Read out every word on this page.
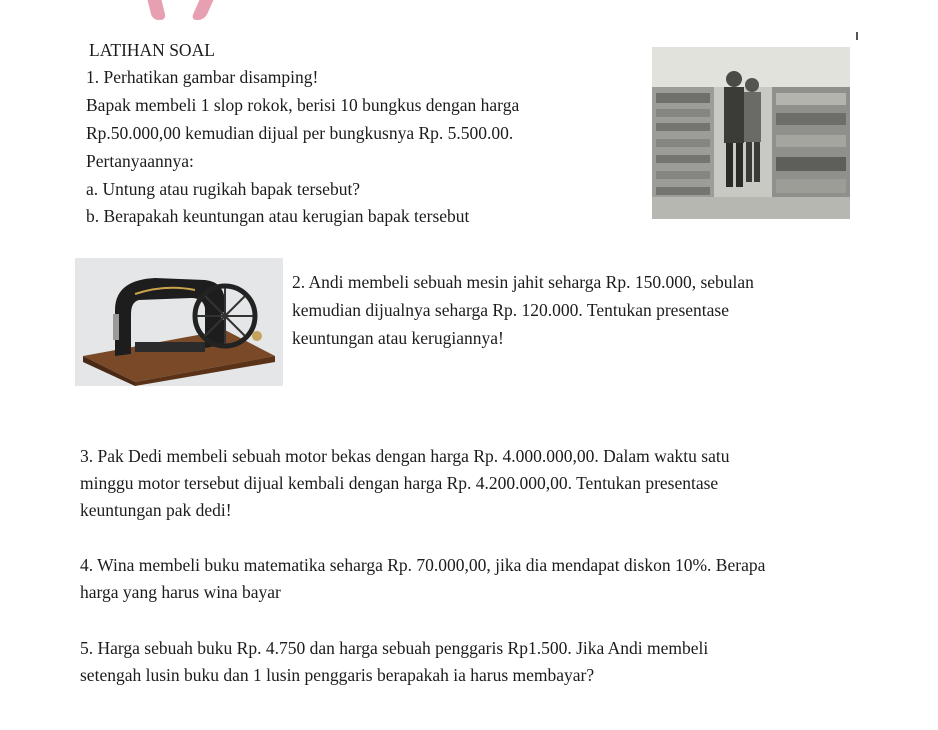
LATIHAN SOAL
1. Perhatikan gambar disamping!
Bapak membeli 1 slop rokok, berisi 10 bungkus dengan harga
Rp.50.000,00 kemudian dijual per bungkusnya Rp. 5.500.00.
Pertanyaannya:
a. Untung atau rugikah bapak tersebut?
b. Berapakah keuntungan atau kerugian bapak tersebut
2. Andi membeli sebuah mesin jahit seharga Rp. 150.000, sebulan
kemudian dijualnya seharga Rp. 120.000. Tentukan presentase
keuntungan atau kerugiannya!
3. Pak Dedi membeli sebuah motor bekas dengan harga Rp. 4.000.000,00. Dalam waktu satu
minggu motor tersebut dijual kembali dengan harga Rp. 4.200.000,00. Tentukan presentase
keuntungan pak dedi!
4. Wina membeli buku matematika seharga Rp. 70.000,00, jika dia mendapat diskon 10%. Berapa
harga yang harus wina bayar
5. Harga sebuah buku Rp. 4.750 dan harga sebuah penggaris Rp1.500. Jika Andi membeli
setengah lusin buku dan 1 lusin penggaris berapakah ia harus membayar?
